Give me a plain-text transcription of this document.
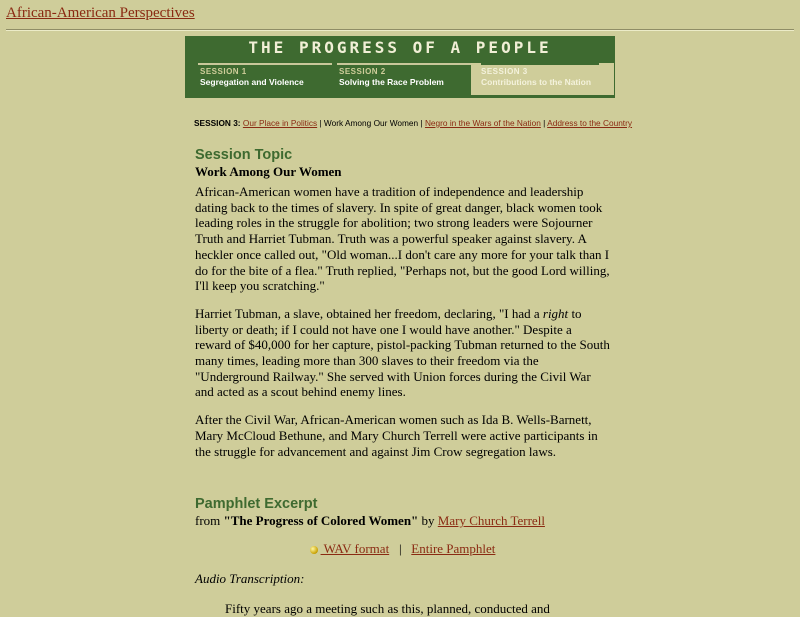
African-American Perspectives
THE PROGRESS OF A PEOPLE
SESSION 1
Segregation and Violence
SESSION 2
Solving the Race Problem
SESSION 3
Contributions to the Nation
SESSION 3: Our Place in Politics | Work Among Our Women | Negro in the Wars of the Nation | Address to the Country
Session Topic
Work Among Our Women

African-American women have a tradition of independence and leadership dating back to the times of slavery. In spite of great danger, black women took leading roles in the struggle for abolition; two strong leaders were Sojourner Truth and Harriet Tubman. Truth was a powerful speaker against slavery. A heckler once called out, "Old woman...I don't care any more for your talk than I do for the bite of a flea." Truth replied, "Perhaps not, but the good Lord willing, I'll keep you scratching."

Harriet Tubman, a slave, obtained her freedom, declaring, "I had a right to liberty or death; if I could not have one I would have another." Despite a reward of $40,000 for her capture, pistol-packing Tubman returned to the South many times, leading more than 300 slaves to their freedom via the "Underground Railway." She served with Union forces during the Civil War and acted as a scout behind enemy lines.

After the Civil War, African-American women such as Ida B. Wells-Barnett, Mary McCloud Bethune, and Mary Church Terrell were active participants in the struggle for advancement and against Jim Crow segregation laws.

Pamphlet Excerpt

from "The Progress of Colored Women" by Mary Church Terrell

WAV format | Entire Pamphlet
Audio Transcription:

Fifty years ago a meeting such as this, planned, conducted and
